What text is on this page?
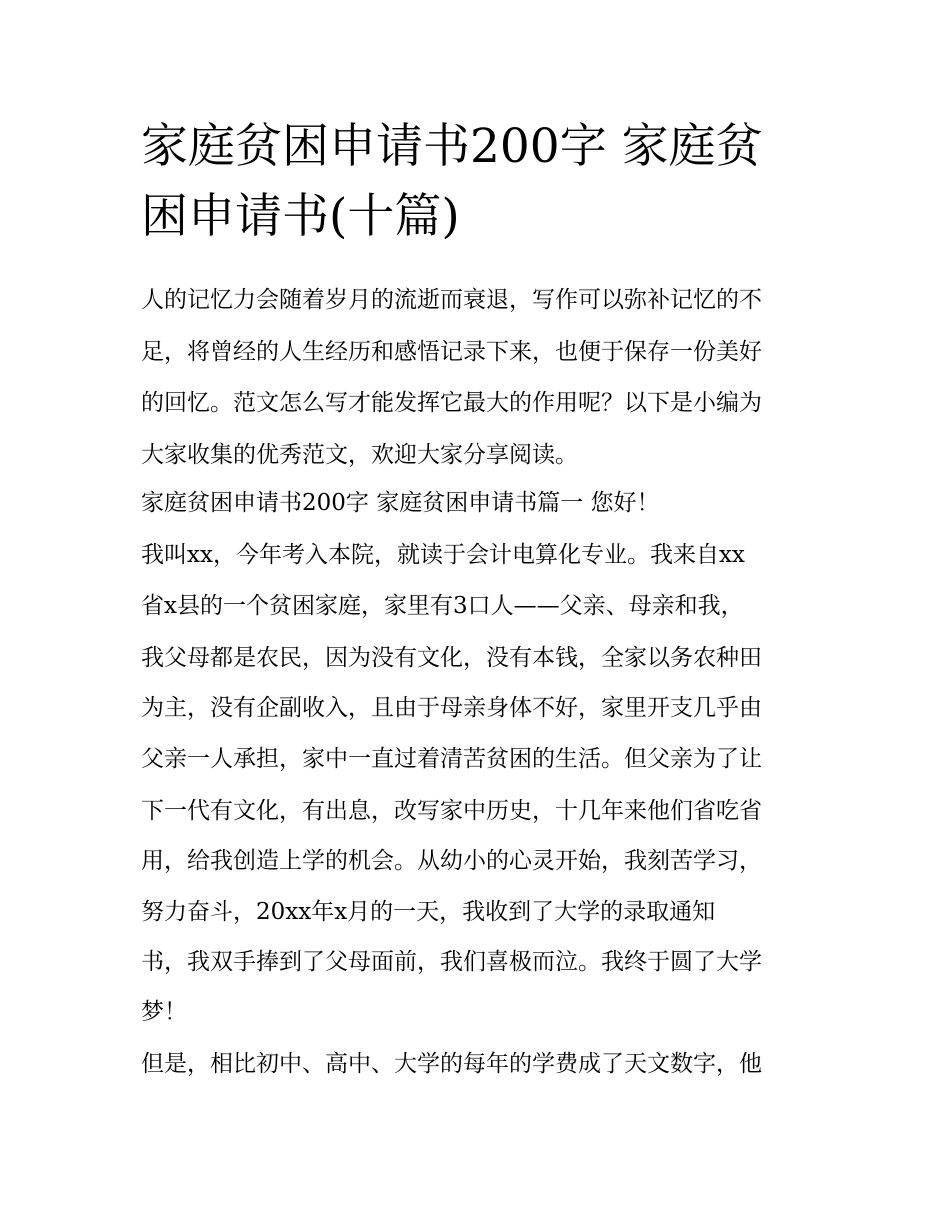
家庭贫困申请书200字 家庭贫
困申请书(十篇)
人的记忆力会随着岁月的流逝而衰退，写作可以弥补记忆的不
足，将曾经的人生经历和感悟记录下来，也便于保存一份美好
的回忆。范文怎么写才能发挥它最大的作用呢？以下是小编为
大家收集的优秀范文，欢迎大家分享阅读。
家庭贫困申请书200字 家庭贫困申请书篇一 您好！
我叫xx，今年考入本院，就读于会计电算化专业。我来自xx
省x县的一个贫困家庭，家里有3口人——父亲、母亲和我，
我父母都是农民，因为没有文化，没有本钱，全家以务农种田
为主，没有企副收入，且由于母亲身体不好，家里开支几乎由
父亲一人承担，家中一直过着清苦贫困的生活。但父亲为了让
下一代有文化，有出息，改写家中历史，十几年来他们省吃省
用，给我创造上学的机会。从幼小的心灵开始，我刻苦学习，
努力奋斗，20xx年x月的一天，我收到了大学的录取通知
书，我双手捧到了父母面前，我们喜极而泣。我终于圆了大学
梦！
但是，相比初中、高中、大学的每年的学费成了天文数字，他
